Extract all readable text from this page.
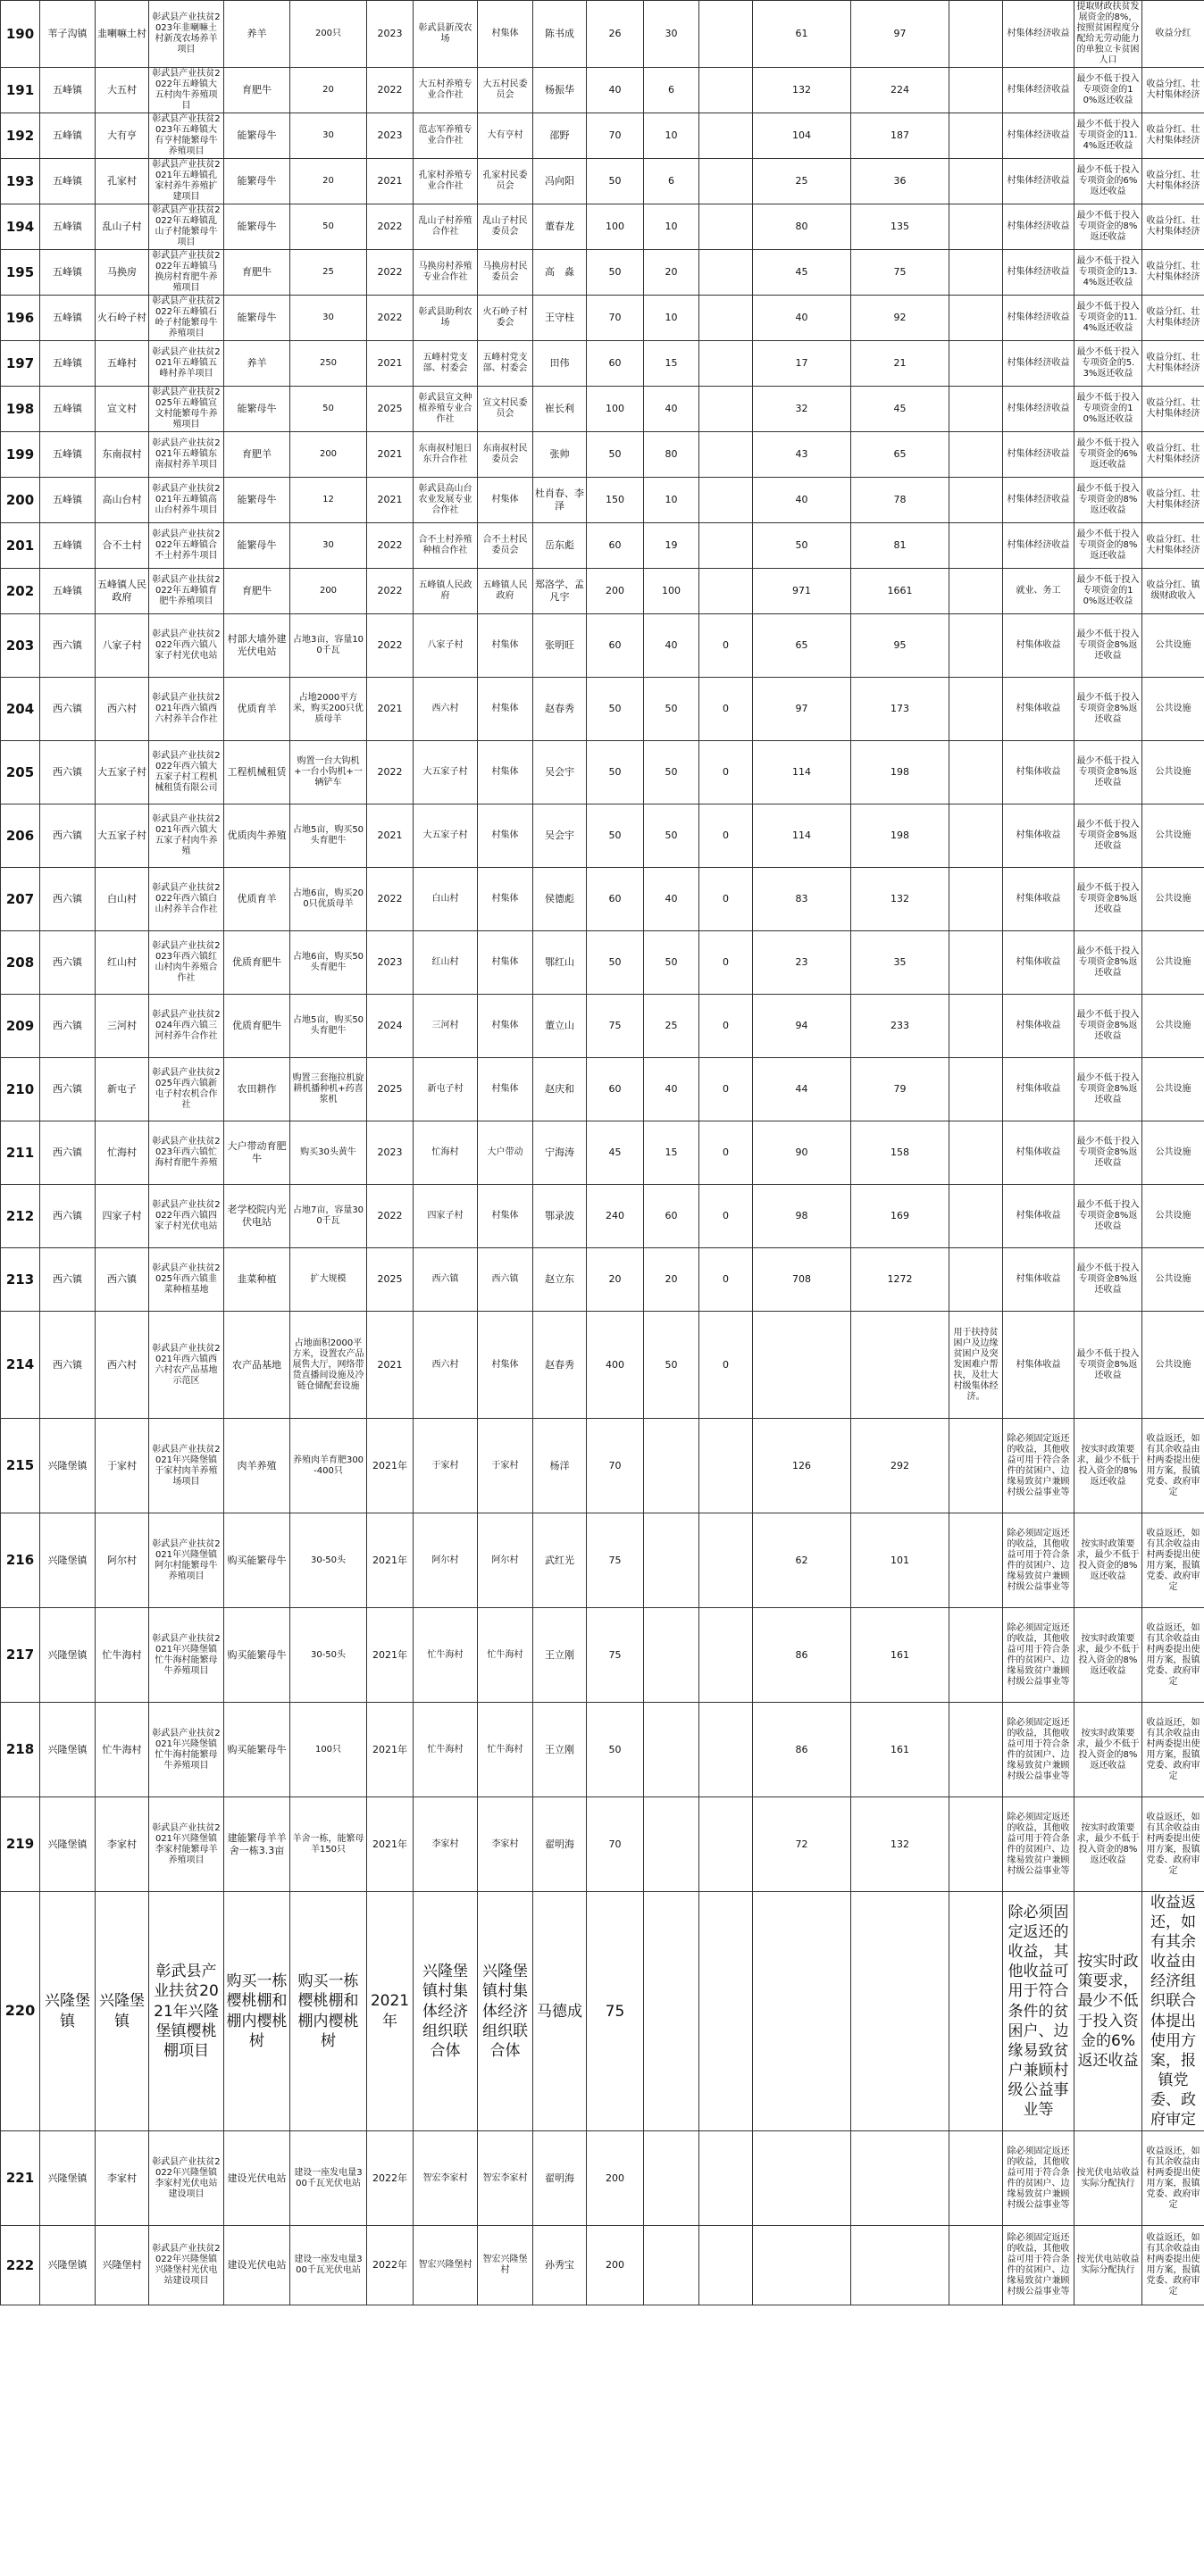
190	苇子沟镇	韭喇嘛土村	彰武县产业扶贫2023年韭喇嘛土村新茂农场养羊项目	养羊	200只	2023	彰武县新茂农场	村集体	陈书成	26	30		61	97		村集体经济收益	提取财政扶贫发展资金的8%，按照贫困程度分配给无劳动能力的单独立卡贫困人口	收益分红
191	五峰镇	大五村	彰武县产业扶贫2022年五峰镇大五村肉牛养殖项目	育肥牛	20	2022	大五村养殖专业合作社	大五村民委员会	杨振华	40	6		132	224		村集体经济收益	最少不低于投入专项资金的10%返还收益	收益分红、壮大村集体经济
192	五峰镇	大有亨	彰武县产业扶贫2023年五峰镇大有亨村能繁母牛养殖项目	能繁母牛	30	2023	范志军养殖专业合作社	大有亨村	邵野	70	10		104	187		村集体经济收益	最少不低于投入专项资金的11.4%返还收益	收益分红、壮大村集体经济
193	五峰镇	孔家村	彰武县产业扶贫2021年五峰镇孔家村养牛养殖扩建项目	能繁母牛	20	2021	孔家村养殖专业合作社	孔家村民委员会	冯向阳	50	6		25	36		村集体经济收益	最少不低于投入专项资金的6%返还收益	收益分红、壮大村集体经济
194	五峰镇	乱山子村	彰武县产业扶贫2022年五峰镇乱山子村能繁母牛项目	能繁母牛	50	2022	乱山子村养殖合作社	乱山子村民委员会	董春龙	100	10		80	135		村集体经济收益	最少不低于投入专项资金的8%返还收益	收益分红、壮大村集体经济
195	五峰镇	马换房	彰武县产业扶贫2022年五峰镇马换房村育肥牛养殖项目	育肥牛	25	2022	马换房村养殖专业合作社	马换房村民委员会	高　淼	50	20		45	75		村集体经济收益	最少不低于投入专项资金的13.4%返还收益	收益分红、壮大村集体经济
196	五峰镇	火石岭子村	彰武县产业扶贫2022年五峰镇石岭子村能繁母牛养殖项目	能繁母牛	30	2022	彰武县助利农场	火石岭子村委会	王守柱	70	10		40	92		村集体经济收益	最少不低于投入专项资金的11.4%返还收益	收益分红、壮大村集体经济
197	五峰镇	五峰村	彰武县产业扶贫2021年五峰镇五峰村养羊项目	养羊	250	2021	五峰村党支部、村委会	五峰村党支部、村委会	田伟	60	15		17	21		村集体经济收益	最少不低于投入专项资金的5.3%返还收益	收益分红、壮大村集体经济
198	五峰镇	宣文村	彰武县产业扶贫2025年五峰镇宣文村能繁母牛养殖项目	能繁母牛	50	2025	彰武县宣文种植养殖专业合作社	宣文村民委员会	崔长利	100	40		32	45		村集体经济收益	最少不低于投入专项资金的10%返还收益	收益分红、壮大村集体经济
199	五峰镇	东南叔村	彰武县产业扶贫2021年五峰镇东南叔村养羊项目	育肥羊	200	2021	东南叔村旭日东升合作社	东南叔村民委员会	张帅	50	80		43	65		村集体经济收益	最少不低于投入专项资金的6%返还收益	收益分红、壮大村集体经济
200	五峰镇	高山台村	彰武县产业扶贫2021年五峰镇高山台村养牛项目	能繁母牛	12	2021	彰武县高山台农业发展专业合作社	村集体	杜肖春、李泽	150	10		40	78		村集体经济收益	最少不低于投入专项资金的8%返还收益	收益分红、壮大村集体经济
201	五峰镇	合不土村	彰武县产业扶贫2022年五峰镇合不土村养牛项目	能繁母牛	30	2022	合不土村养殖种植合作社	合不土村民委员会	岳东彪	60	19		50	81		村集体经济收益	最少不低于投入专项资金的8%返还收益	收益分红、壮大村集体经济
202	五峰镇	五峰镇人民政府	彰武县产业扶贫2022年五峰镇育肥牛养殖项目	育肥牛	200	2022	五峰镇人民政府	五峰镇人民政府	郑洛学、孟凡宇	200	100		971	1661		就业、务工	最少不低于投入专项资金的10%返还收益	收益分红、镇级财政收入
203	西六镇	八家子村	彰武县产业扶贫2022年西六镇八家子村光伏电站	村部大墙外建光伏电站	占地3亩，容量100千瓦	2022	八家子村	村集体	张明旺	60	40	0	65	95		村集体收益	最少不低于投入专项资金8%返还收益	公共设施
204	西六镇	西六村	彰武县产业扶贫2021年西六镇西六村养羊合作社	优质育羊	占地2000平方米，购买200只优质母羊	2021	西六村	村集体	赵春秀	50	50	0	97	173		村集体收益	最少不低于投入专项资金8%返还收益	公共设施
205	西六镇	大五家子村	彰武县产业扶贫2022年西六镇大五家子村工程机械租赁有限公司	工程机械租赁	购置一台大钩机+一台小钩机+一辆铲车	2022	大五家子村	村集体	吴会宇	50	50	0	114	198		村集体收益	最少不低于投入专项资金8%返还收益	公共设施
206	西六镇	大五家子村	彰武县产业扶贫2021年西六镇大五家子村肉牛养殖	优质肉牛养殖	占地5亩，购买50头育肥牛	2021	大五家子村	村集体	吴会宇	50	50	0	114	198		村集体收益	最少不低于投入专项资金8%返还收益	公共设施
207	西六镇	白山村	彰武县产业扶贫2022年西六镇白山村养羊合作社	优质育羊	占地6亩，购买200只优质母羊	2022	白山村	村集体	侯德彪	60	40	0	83	132		村集体收益	最少不低于投入专项资金8%返还收益	公共设施
208	西六镇	红山村	彰武县产业扶贫2023年西六镇红山村肉牛养殖合作社	优质育肥牛	占地6亩，购买50头育肥牛	2023	红山村	村集体	鄂红山	50	50	0	23	35		村集体收益	最少不低于投入专项资金8%返还收益	公共设施
209	西六镇	三河村	彰武县产业扶贫2024年西六镇三河村养牛合作社	优质育肥牛	占地5亩，购买50头育肥牛	2024	三河村	村集体	董立山	75	25	0	94	233		村集体收益	最少不低于投入专项资金8%返还收益	公共设施
210	西六镇	新屯子	彰武县产业扶贫2025年西六镇新屯子村农机合作社	农田耕作	购置三套拖拉机旋耕机播种机+药喜浆机	2025	新屯子村	村集体	赵庆和	60	40	0	44	79		村集体收益	最少不低于投入专项资金8%返还收益	公共设施
211	西六镇	忙海村	彰武县产业扶贫2023年西六镇忙海村育肥牛养殖	大户带动育肥牛	购买30头黄牛	2023	忙海村	大户带动	宁海涛	45	15	0	90	158		村集体收益	最少不低于投入专项资金8%返还收益	公共设施
212	西六镇	四家子村	彰武县产业扶贫2022年西六镇四家子村光伏电站	老学校院内光伏电站	占地7亩，容量300千瓦	2022	四家子村	村集体	鄂录波	240	60	0	98	169		村集体收益	最少不低于投入专项资金8%返还收益	公共设施
213	西六镇	西六镇	彰武县产业扶贫2025年西六镇韭菜种植基地	韭菜种植	扩大规模	2025	西六镇	西六镇	赵立东	20	20	0	708	1272		村集体收益	最少不低于投入专项资金8%返还收益	公共设施
214	西六镇	西六村	彰武县产业扶贫2021年西六镇西六村农产品基地示范区	农产品基地	占地面积2000平方米，设置农产品展售大厅，网络带货直播间设施及冷链仓储配套设施	2021	西六村	村集体	赵春秀	400	50	0			用于扶持贫困户及边缘贫困户及突发困难户帮扶，及壮大村级集体经济。	村集体收益	最少不低于投入专项资金8%返还收益	公共设施
215	兴隆堡镇	于家村	彰武县产业扶贫2021年兴隆堡镇于家村肉羊养殖场项目	肉羊养殖	养殖肉羊育肥300-400只	2021年	于家村	于家村	杨洋	70			126	292		除必须固定返还的收益，其他收益可用于符合条件的贫困户、边缘易致贫户兼顾村级公益事业等	按实时政策要求，最少不低于投入资金的8%返还收益	收益返还，如有其余收益由村两委提出使用方案，报镇党委、政府审定
216	兴隆堡镇	阿尔村	彰武县产业扶贫2021年兴隆堡镇阿尔村能繁母牛养殖项目	购买能繁母牛	30-50头	2021年	阿尔村	阿尔村	武红光	75			62	101		除必须固定返还的收益，其他收益可用于符合条件的贫困户、边缘易致贫户兼顾村级公益事业等	按实时政策要求，最少不低于投入资金的8%返还收益	收益返还，如有其余收益由村两委提出使用方案，报镇党委、政府审定
217	兴隆堡镇	忙牛海村	彰武县产业扶贫2021年兴隆堡镇忙牛海村能繁母牛养殖项目	购买能繁母牛	30-50头	2021年	忙牛海村	忙牛海村	王立刚	75			86	161		除必须固定返还的收益，其他收益可用于符合条件的贫困户、边缘易致贫户兼顾村级公益事业等	按实时政策要求，最少不低于投入资金的8%返还收益	收益返还，如有其余收益由村两委提出使用方案，报镇党委、政府审定
218	兴隆堡镇	忙牛海村	彰武县产业扶贫2021年兴隆堡镇忙牛海村能繁母牛养殖项目	购买能繁母牛	100只	2021年	忙牛海村	忙牛海村	王立刚	50			86	161		除必须固定返还的收益，其他收益可用于符合条件的贫困户、边缘易致贫户兼顾村级公益事业等	按实时政策要求，最少不低于投入资金的8%返还收益	收益返还，如有其余收益由村两委提出使用方案，报镇党委、政府审定
219	兴隆堡镇	李家村	彰武县产业扶贫2021年兴隆堡镇李家村能繁母羊养殖项目	建能繁母羊羊舍一栋3.3亩	羊舍一栋，能繁母羊150只	2021年	李家村	李家村	翟明海	70			72	132		除必须固定返还的收益，其他收益可用于符合条件的贫困户、边缘易致贫户兼顾村级公益事业等	按实时政策要求，最少不低于投入资金的8%返还收益	收益返还，如有其余收益由村两委提出使用方案，报镇党委、政府审定
220	兴隆堡镇	兴隆堡镇	彰武县产业扶贫2021年兴隆堡镇樱桃棚项目	购买一栋樱桃棚和棚内樱桃树	购买一栋樱桃棚和棚内樱桃树	2021年	兴隆堡镇村集体经济组织联合体	兴隆堡镇村集体经济组织联合体	马德成	75						除必须固定返还的收益，其他收益可用于符合条件的贫困户、边缘易致贫户兼顾村级公益事业等	按实时政策要求，最少不低于投入资金的6%返还收益	收益返还，如有其余收益由经济组织联合体提出使用方案，报镇党委、政府审定
221	兴隆堡镇	李家村	彰武县产业扶贫2022年兴隆堡镇李家村光伏电站建设项目	建设光伏电站	建设一座发电量300千瓦光伏电站	2022年	智宏李家村	智宏李家村	翟明海	200						除必须固定返还的收益，其他收益可用于符合条件的贫困户、边缘易致贫户兼顾村级公益事业等	按光伏电站收益实际分配执行	收益返还，如有其余收益由村两委提出使用方案，报镇党委、政府审定
222	兴隆堡镇	兴隆堡村	彰武县产业扶贫2022年兴隆堡镇兴隆堡村光伏电站建设项目	建设光伏电站	建设一座发电量300千瓦光伏电站	2022年	智宏兴隆堡村	智宏兴隆堡村	孙秀宝	200						除必须固定返还的收益，其他收益可用于符合条件的贫困户、边缘易致贫户兼顾村级公益事业等	按光伏电站收益实际分配执行	收益返还，如有其余收益由村两委提出使用方案，报镇党委、政府审定
